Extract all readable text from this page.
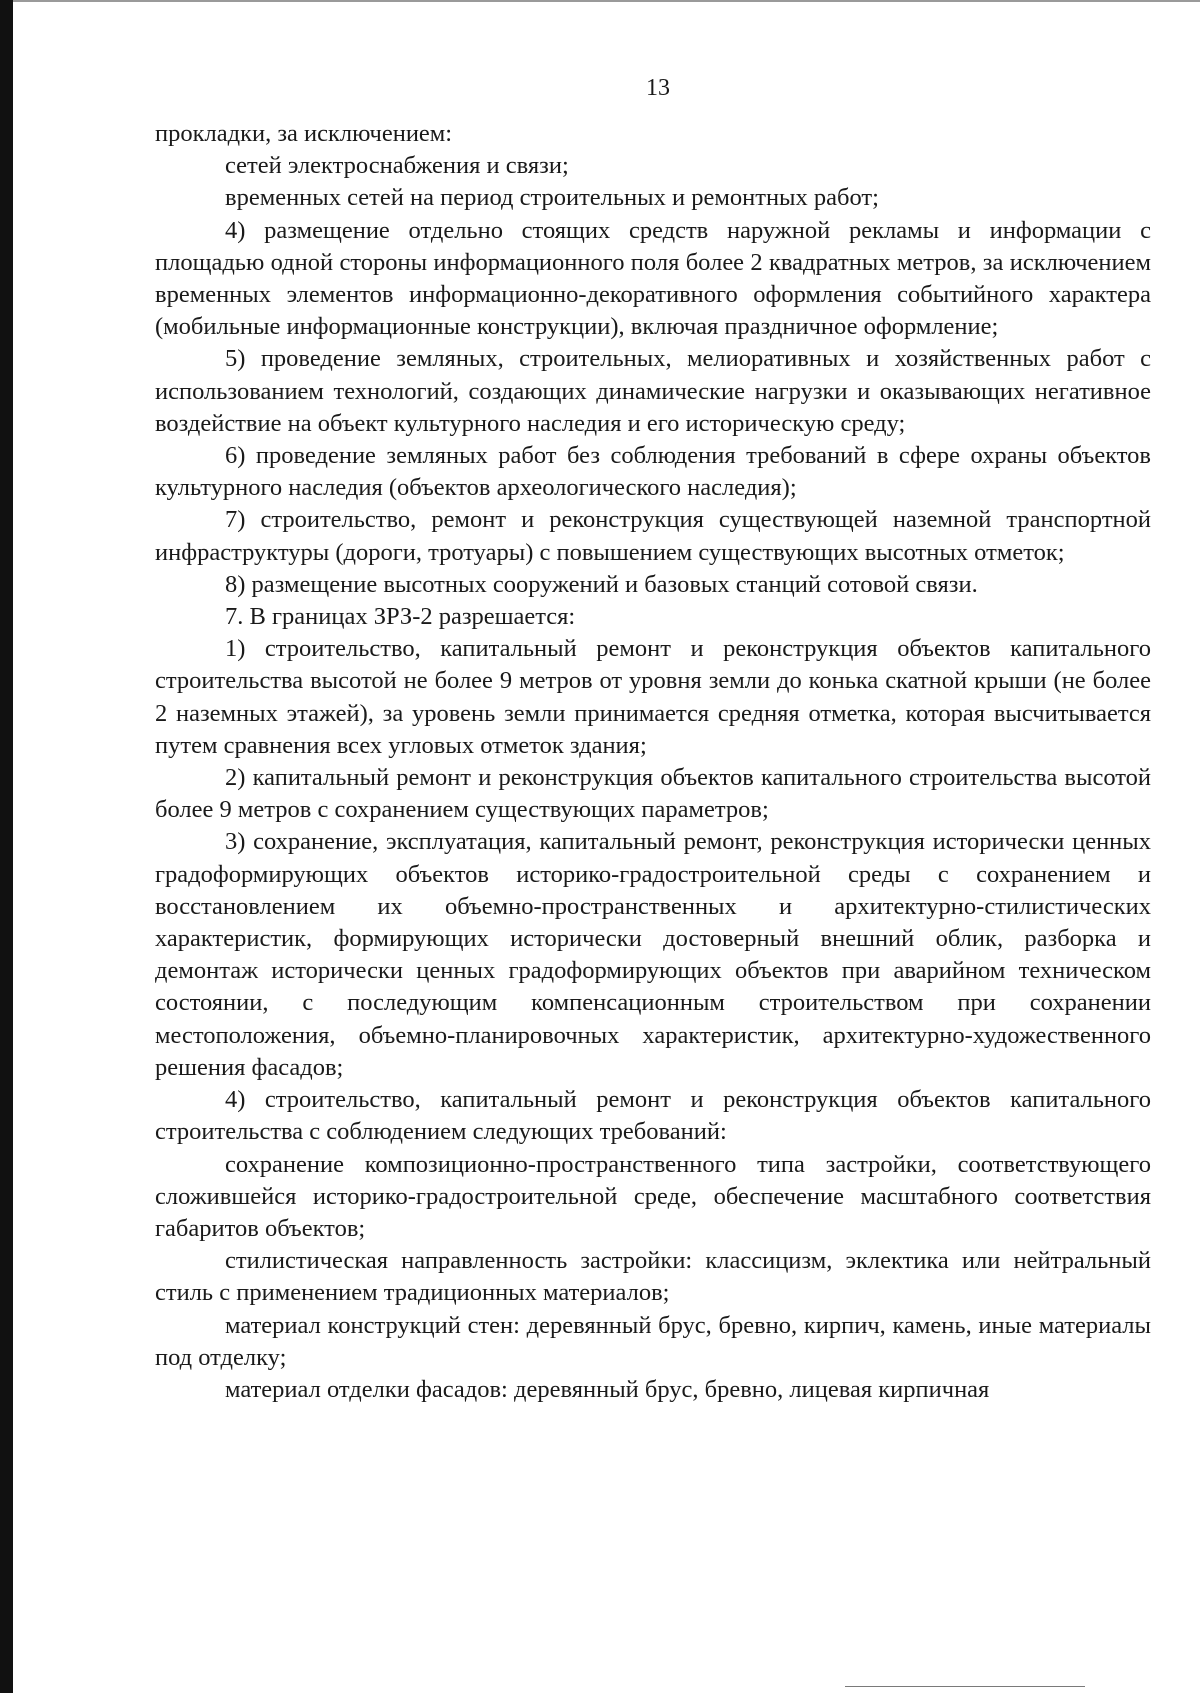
13

прокладки, за исключением:

сетей электроснабжения и связи;

временных сетей на период строительных и ремонтных работ;

4) размещение отдельно стоящих средств наружной рекламы и информации с площадью одной стороны информационного поля более 2 квадратных метров, за исключением временных элементов информационно-декоративного оформления событийного характера (мобильные информационные конструкции), включая праздничное оформление;

5) проведение земляных, строительных, мелиоративных и хозяйственных работ с использованием технологий, создающих динамические нагрузки и оказывающих негативное воздействие на объект культурного наследия и его историческую среду;

6) проведение земляных работ без соблюдения требований в сфере охраны объектов культурного наследия (объектов археологического наследия);

7) строительство, ремонт и реконструкция существующей наземной транспортной инфраструктуры (дороги, тротуары) с повышением существующих высотных отметок;

8) размещение высотных сооружений и базовых станций сотовой связи.

7. В границах ЗРЗ-2 разрешается:

1) строительство, капитальный ремонт и реконструкция объектов капитального строительства высотой не более 9 метров от уровня земли до конька скатной крыши (не более 2 наземных этажей), за уровень земли принимается средняя отметка, которая высчитывается путем сравнения всех угловых отметок здания;

2) капитальный ремонт и реконструкция объектов капитального строительства высотой более 9 метров с сохранением существующих параметров;

3) сохранение, эксплуатация, капитальный ремонт, реконструкция исторически ценных градоформирующих объектов историко-градостроительной среды с сохранением и восстановлением их объемно-пространственных и архитектурно-стилистических характеристик, формирующих исторически достоверный внешний облик, разборка и демонтаж исторически ценных градоформирующих объектов при аварийном техническом состоянии, с последующим компенсационным строительством при сохранении местоположения, объемно-планировочных характеристик, архитектурно-художественного решения фасадов;

4) строительство, капитальный ремонт и реконструкция объектов капитального строительства с соблюдением следующих требований:

сохранение композиционно-пространственного типа застройки, соответствующего сложившейся историко-градостроительной среде, обеспечение масштабного соответствия габаритов объектов;

стилистическая направленность застройки: классицизм, эклектика или нейтральный стиль с применением традиционных материалов;

материал конструкций стен: деревянный брус, бревно, кирпич, камень, иные материалы под отделку;

материал отделки фасадов: деревянный брус, бревно, лицевая кирпичная
